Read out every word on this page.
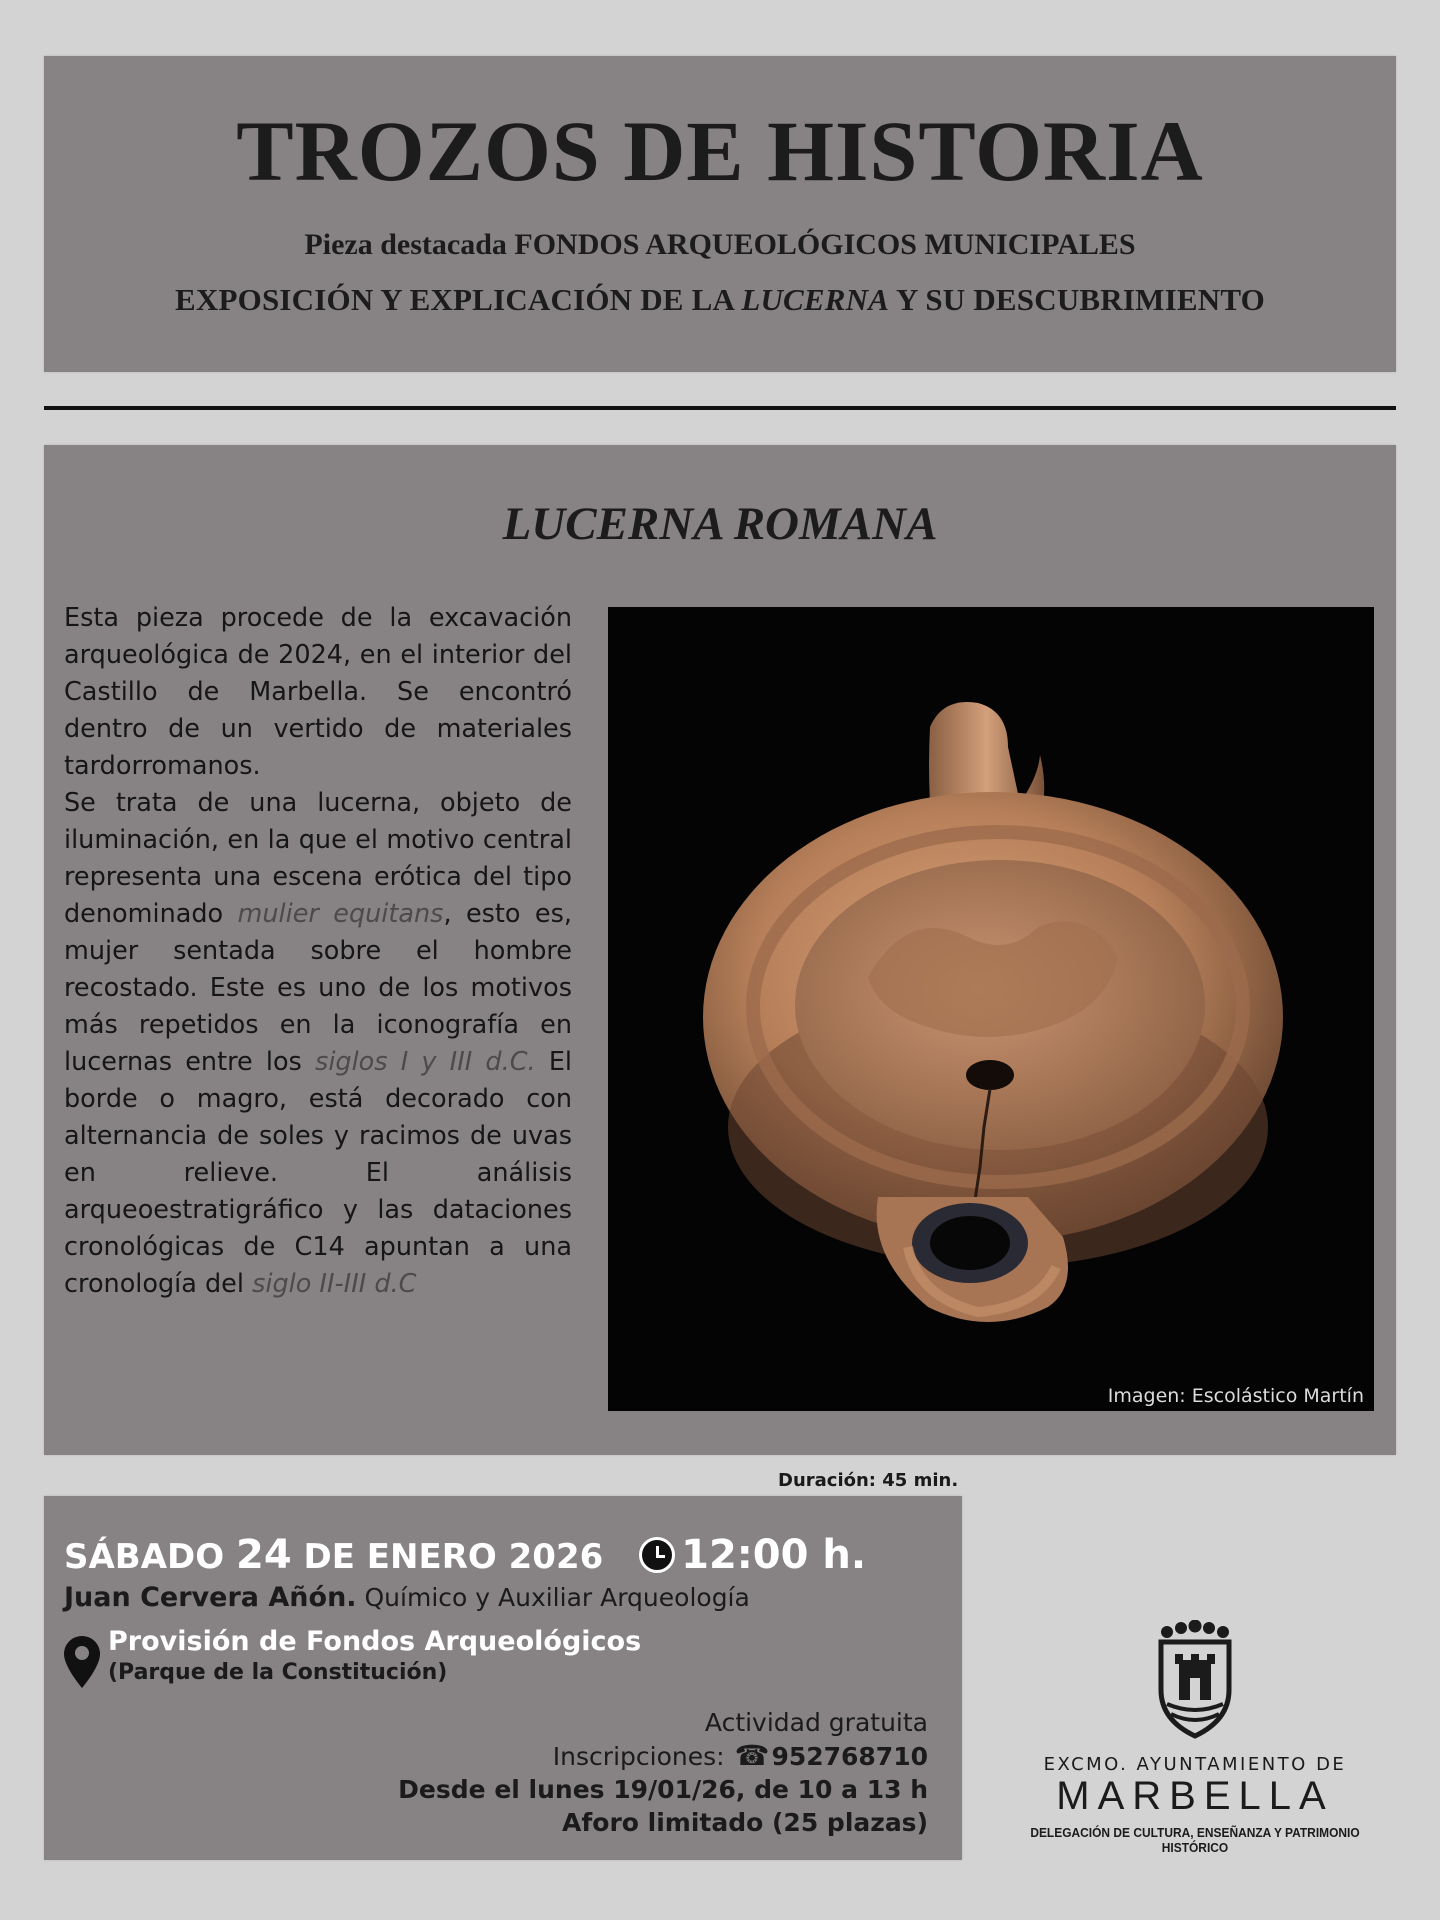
TROZOS DE HISTORIA
Pieza destacada FONDOS ARQUEOLÓGICOS MUNICIPALES
EXPOSICIÓN Y EXPLICACIÓN DE LA LUCERNA Y SU DESCUBRIMIENTO
LUCERNA ROMANA

Esta pieza procede de la excavación arqueológica de 2024, en el interior del Castillo de Marbella. Se encontró dentro de un vertido de materiales tardorromanos.

Se trata de una lucerna, objeto de iluminación, en la que el motivo central representa una escena erótica del tipo denominado mulier equitans, esto es, mujer sentada sobre el hombre recostado. Este es uno de los motivos más repetidos en la iconografía en lucernas entre los siglos I y III d.C. El borde o magro, está decorado con alternancia de soles y racimos de uvas en relieve. El análisis arqueoestratigráfico y las dataciones cronológicas de C14 apuntan a una cronología del siglo II-III d.C

Imagen: Escolástico Martín
Duración: 45 min.
SÁBADO 24 DE ENERO 2026 12:00 h.
Juan Cervera Añón. Químico y Auxiliar Arqueología
Provisión de Fondos Arqueológicos
(Parque de la Constitución)
Actividad gratuita
Inscripciones: ☎952768710
Desde el lunes 19/01/26, de 10 a 13 h
Aforo limitado (25 plazas)
EXCMO. AYUNTAMIENTO DE
MARBELLA
DELEGACIÓN DE CULTURA, ENSEÑANZA Y PATRIMONIO HISTÓRICO
